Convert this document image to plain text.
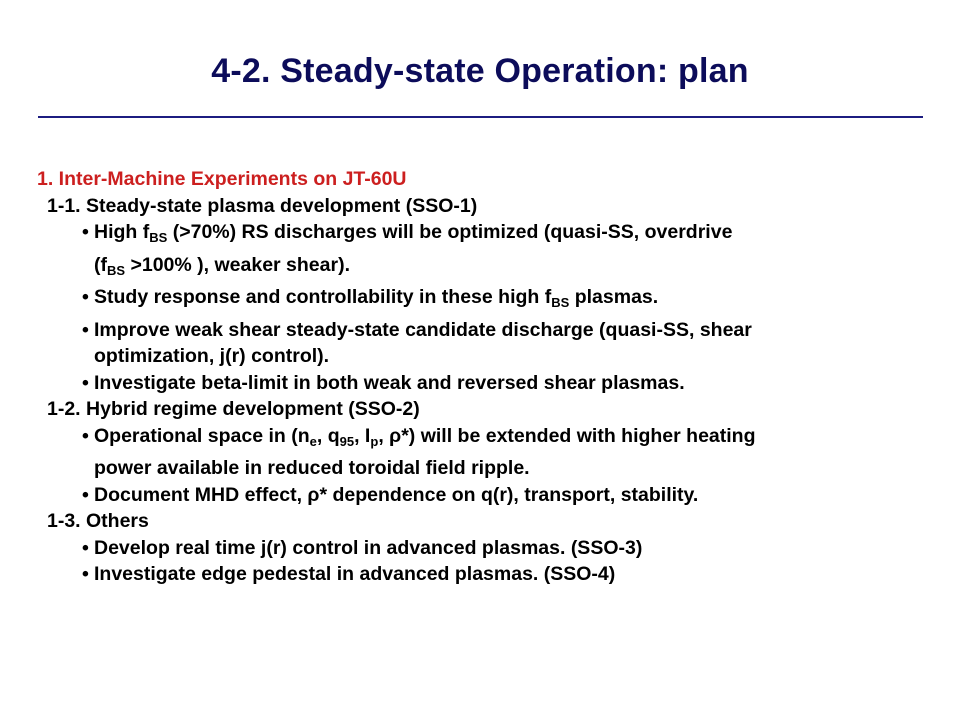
4-2. Steady-state Operation: plan
1. Inter-Machine Experiments on JT-60U
1-1. Steady-state plasma development (SSO-1)
• High $f_{BS}$ (>70%) RS discharges will be optimized (quasi-SS, overdrive
($f_{BS} >100\%$ ), weaker shear).
• Study response and controllability in these high $f_{BS}$ plasmas.
• Improve weak shear steady-state candidate discharge (quasi-SS, shear
optimization, j(r) control).
• Investigate beta-limit in both weak and reversed shear plasmas.
1-2. Hybrid regime development (SSO-2)
• Operational space in ($n_e$, $q_{95}$, $I_p$, ρ*) will be extended with higher heating
power available in reduced toroidal field ripple.
• Document MHD effect, ρ* dependence on q(r), transport, stability.
1-3. Others
• Develop real time j(r) control in advanced plasmas. (SSO-3)
• Investigate edge pedestal in advanced plasmas. (SSO-4)
